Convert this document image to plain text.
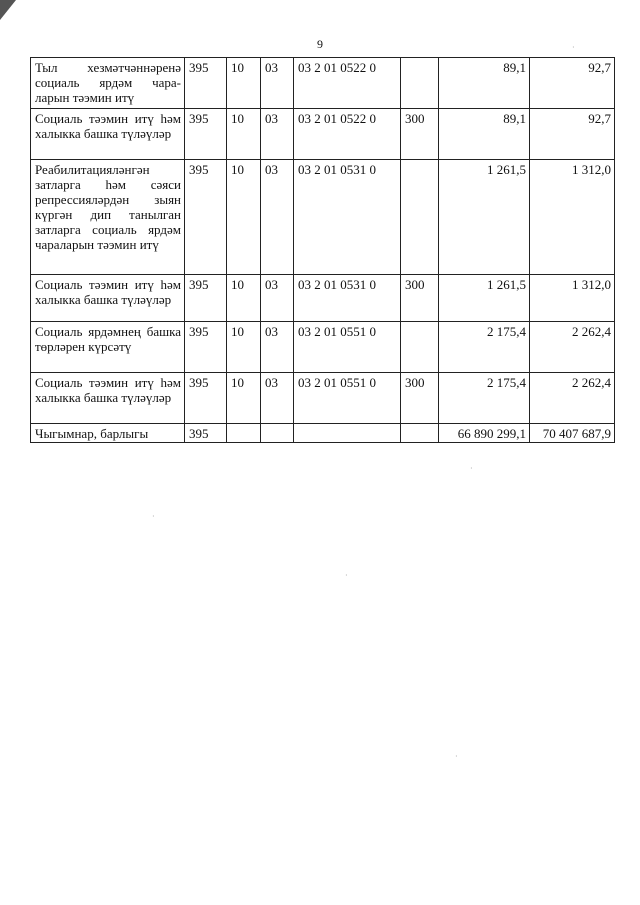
9
Тыл хезмәтчәннәренә социаль ярдәм чара-ларын тәэмин итү	395	10	03	03 2 01 0522 0		89,1	92,7
Социаль тәэмин итү һәм халыкка башка түләүләр	395	10	03	03 2 01 0522 0	300	89,1	92,7
Реабилитацияләнгән затларга һәм сәяси репрессияләрдән зыян күргән дип танылган затларга социаль ярдәм чараларын тәэмин итү	395	10	03	03 2 01 0531 0		1 261,5	1 312,0
Социаль тәэмин итү һәм халыкка башка түләүләр	395	10	03	03 2 01 0531 0	300	1 261,5	1 312,0
Социаль ярдәмнең башка төрләрен күрсәтү	395	10	03	03 2 01 0551 0		2 175,4	2 262,4
Социаль тәэмин итү һәм халыкка башка түләүләр	395	10	03	03 2 01 0551 0	300	2 175,4	2 262,4
Чыгымнар, барлыгы	395					66 890 299,1	70 407 687,9
·
·
·
·
·
